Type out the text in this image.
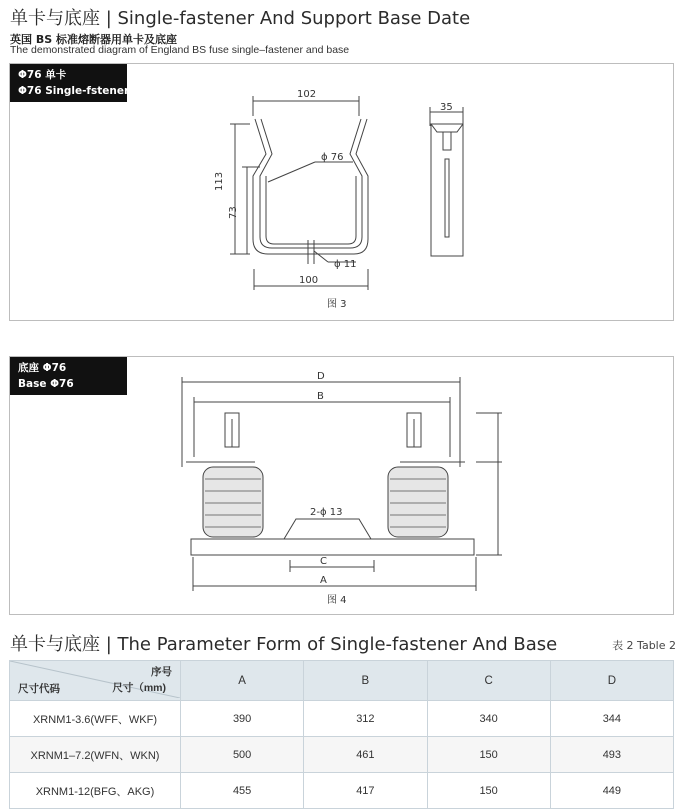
单卡与底座 | Single-fastener And Support Base Date
英国 BS 标准熔断器用单卡及底座
The demonstrated diagram of England BS fuse single–fastener and base
Φ76 单卡
Φ76 Single-fstener	102
ϕ 76
113
73
ϕ 11
100
35
图 3
底座 Φ76
Base Φ76
D
B
2-ϕ 13
C
A
图 4
单卡与底座 | The Parameter Form of Single-fastener And Base	表 2 Table 2
序号
尺寸（mm)
尺寸代码	A	B	C	D
XRNM1-3.6(WFF、WKF)	390	312	340	344
XRNM1–7.2(WFN、WKN)	500	461	150	493
XRNM1-12(BFG、AKG)	455	417	150	449
